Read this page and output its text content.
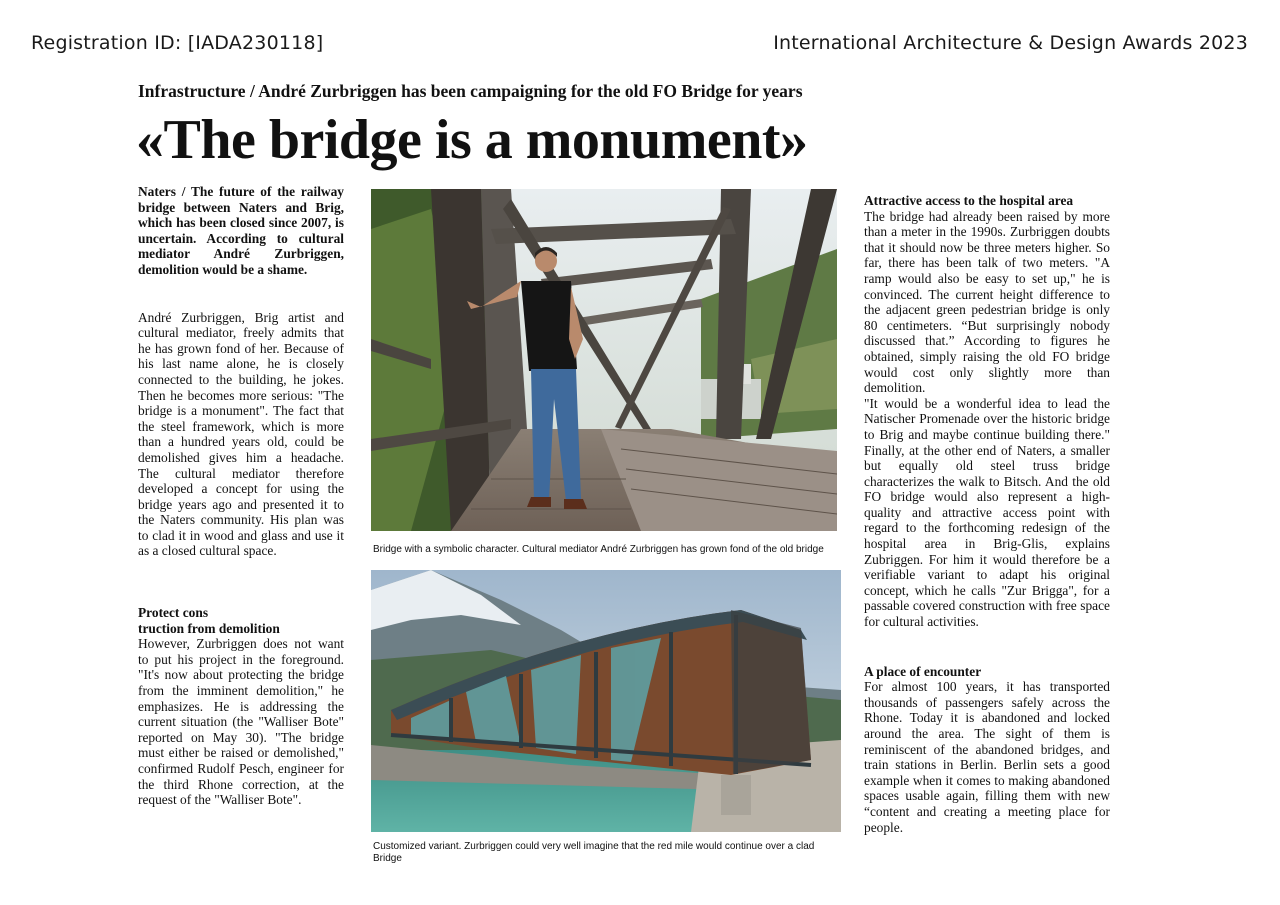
Registration ID: [IADA230118]	International Architecture & Design Awards 2023
Infrastructure / André Zurbriggen has been campaigning for the old FO Bridge for years
«The bridge is a monument»

Naters / The future of the railway bridge between Naters and Brig, which has been closed since 2007, is uncertain. According to cultural mediator André Zurbriggen, demolition would be a shame.

André Zurbriggen, Brig artist and cultural mediator, freely admits that he has grown fond of her. Because of his last name alone, he is closely connected to the building, he jokes. Then he becomes more serious: "The bridge is a monument". The fact that the steel framework, which is more than a hundred years old, could be demolished gives him a headache. The cultural mediator therefore developed a concept for using the bridge years ago and presented it to the Naters community. His plan was to clad it in wood and glass and use it as a closed cultural space.

Protect cons
truction from demolition

However, Zurbriggen does not want to put his project in the foreground. "It's now about protecting the bridge from the imminent demolition," he emphasizes. He is addressing the current situation (the "Walliser Bote" reported on May 30). "The bridge must either be raised or demolished," confirmed Rudolf Pesch, engineer for the third Rhone correction, at the request of the "Walliser Bote".

Bridge with a symbolic character. Cultural mediator André Zurbriggen has grown fond of the old bridge
Customized variant. Zurbriggen could very well imagine that the red mile would continue over a clad Bridge
Attractive access to the hospital area

The bridge had already been raised by more than a meter in the 1990s. Zurbriggen doubts that it should now be three meters higher. So far, there has been talk of two meters. "A ramp would also be easy to set up," he is convinced. The current height difference to the adjacent green pedestrian bridge is only 80 centimeters. “But surprisingly nobody discussed that.” According to figures he obtained, simply raising the old FO bridge would cost only slightly more than demolition.

"It would be a wonderful idea to lead the Natischer Promenade over the historic bridge to Brig and maybe continue building there." Finally, at the other end of Naters, a smaller but equally old steel truss bridge characterizes the walk to Bitsch. And the old FO bridge would also represent a high-quality and attractive access point with regard to the forthcoming redesign of the hospital area in Brig-Glis, explains Zubriggen. For him it would therefore be a verifiable variant to adapt his original concept, which he calls "Zur Brigga", for a passable covered construction with free space for cultural activities.

A place of encounter

For almost 100 years, it has transported thousands of passengers safely across the Rhone. Today it is abandoned and locked around the area. The sight of them is reminiscent of the abandoned bridges, and train stations in Berlin. Berlin sets a good example when it comes to making abandoned spaces usable again, filling them with new “content and creating a meeting place for people.
